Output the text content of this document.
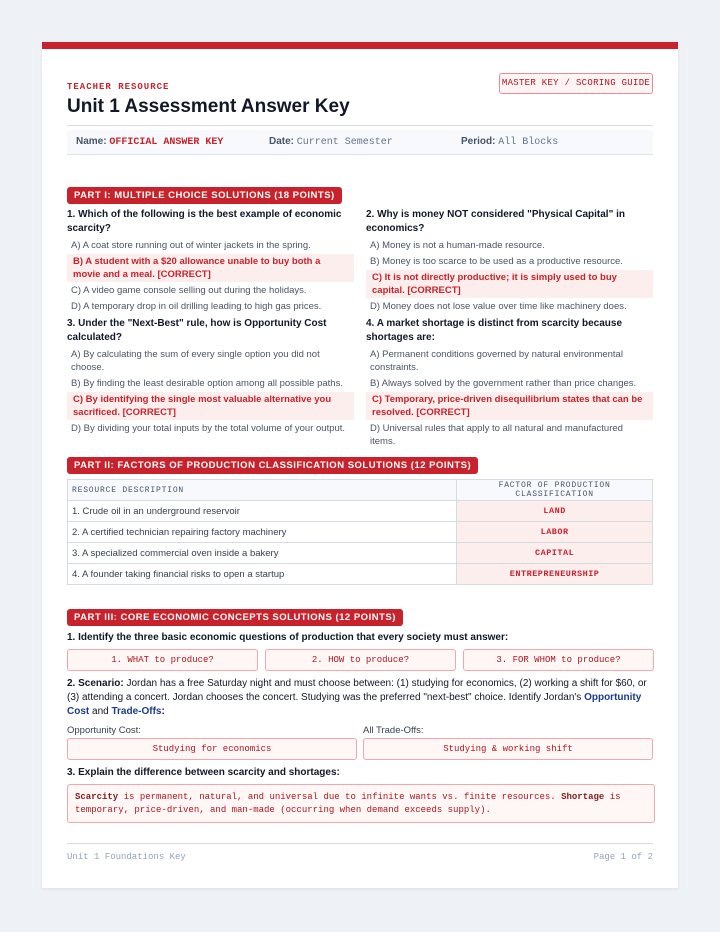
TEACHER RESOURCE	MASTER KEY / SCORING GUIDE
Unit 1 Assessment Answer Key
Name: OFFICIAL ANSWER KEY	Date: Current Semester	Period: All Blocks
PART I: MULTIPLE CHOICE SOLUTIONS (18 POINTS)
1. Which of the following is the best example of economic scarcity?
A) A coat store running out of winter jackets in the spring.
B) A student with a $20 allowance unable to buy both a movie and a meal. [CORRECT]
C) A video game console selling out during the holidays.
D) A temporary drop in oil drilling leading to high gas prices.
2. Why is money NOT considered "Physical Capital" in economics?
A) Money is not a human-made resource.
B) Money is too scarce to be used as a productive resource.
C) It is not directly productive; it is simply used to buy capital. [CORRECT]
D) Money does not lose value over time like machinery does.
3. Under the "Next-Best" rule, how is Opportunity Cost calculated?
A) By calculating the sum of every single option you did not choose.
B) By finding the least desirable option among all possible paths.
C) By identifying the single most valuable alternative you sacrificed. [CORRECT]
D) By dividing your total inputs by the total volume of your output.
4. A market shortage is distinct from scarcity because shortages are:
A) Permanent conditions governed by natural environmental constraints.
B) Always solved by the government rather than price changes.
C) Temporary, price-driven disequilibrium states that can be resolved. [CORRECT]
D) Universal rules that apply to all natural and manufactured items.
PART II: FACTORS OF PRODUCTION CLASSIFICATION SOLUTIONS (12 POINTS)
RESOURCE DESCRIPTION	FACTOR OF PRODUCTION CLASSIFICATION
1. Crude oil in an underground reservoir	LAND
2. A certified technician repairing factory machinery	LABOR
3. A specialized commercial oven inside a bakery	CAPITAL
4. A founder taking financial risks to open a startup	ENTREPRENEURSHIP
PART III: CORE ECONOMIC CONCEPTS SOLUTIONS (12 POINTS)
1. Identify the three basic economic questions of production that every society must answer:
1. WHAT to produce?	2. HOW to produce?	3. FOR WHOM to produce?
2. Scenario: Jordan has a free Saturday night and must choose between: (1) studying for economics, (2) working a shift for $60, or (3) attending a concert. Jordan chooses the concert. Studying was the preferred "next-best" choice. Identify Jordan's Opportunity Cost and Trade-Offs:
Opportunity Cost:
Studying for economics
All Trade-Offs:
Studying & working shift
3. Explain the difference between scarcity and shortages:
Scarcity is permanent, natural, and universal due to infinite wants vs. finite resources. Shortage is temporary, price-driven, and man-made (occurring when demand exceeds supply).
Unit 1 Foundations Key	Page 1 of 2
